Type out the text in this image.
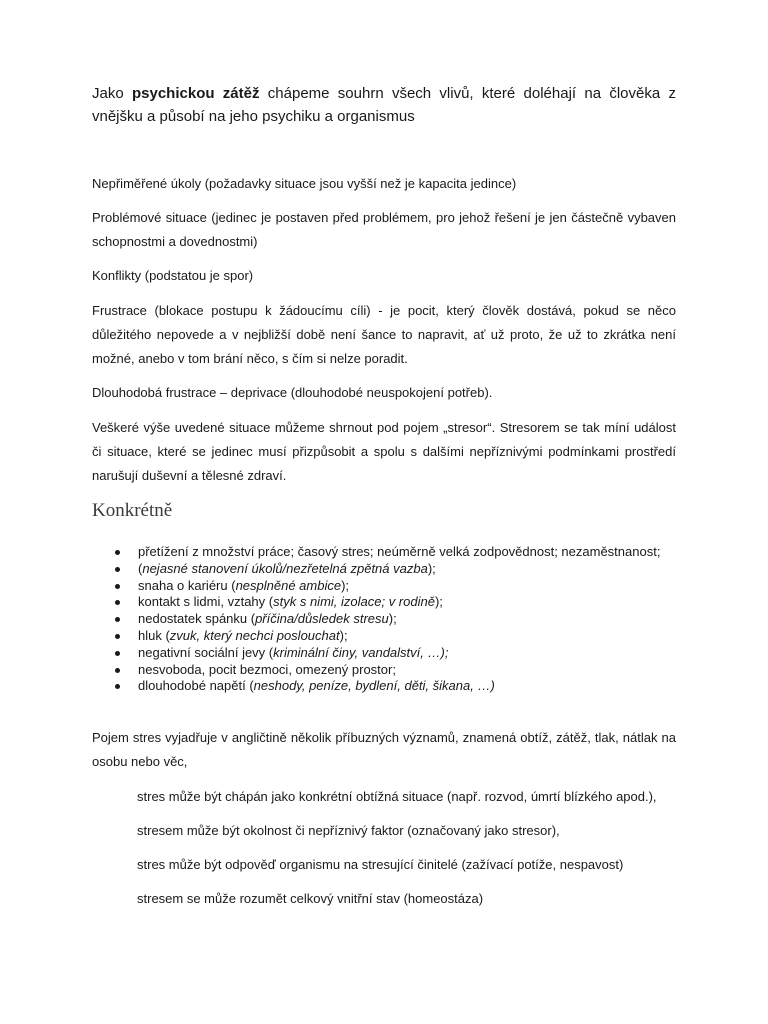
Jako psychickou zátěž chápeme souhrn všech vlivů, které doléhají na člověka z vnějšku a působí na jeho psychiku a organismus

Nepřiměřené úkoly (požadavky situace jsou vyšší než je kapacita jedince)

Problémové situace (jedinec je postaven před problémem, pro jehož řešení je jen částečně vybaven schopnostmi a dovednostmi)

Konflikty (podstatou je spor)

Frustrace (blokace postupu k žádoucímu cíli) - je pocit, který člověk dostává, pokud se něco důležitého nepovede a v nejbližší době není šance to napravit, ať už proto, že už to zkrátka není možné, anebo v tom brání něco, s čím si nelze poradit.

Dlouhodobá frustrace – deprivace (dlouhodobé neuspokojení potřeb).

Veškeré výše uvedené situace můžeme shrnout pod pojem „stresor“. Stresorem se tak míní událost či situace, které se jedinec musí přizpůsobit a spolu s dalšími nepříznivými podmínkami prostředí narušují duševní a tělesné zdraví.

Konkrétně
přetížení z množství práce; časový stres; neúměrně velká zodpovědnost; nezaměstnanost;
(nejasné stanovení úkolů/nezřetelná zpětná vazba);
snaha o kariéru (nesplněné ambice);
kontakt s lidmi, vztahy (styk s nimi, izolace; v rodině);
nedostatek spánku (příčina/důsledek stresu);
hluk (zvuk, který nechci poslouchat);
negativní sociální jevy (kriminální činy, vandalství, …);
nesvoboda, pocit bezmoci, omezený prostor;
dlouhodobé napětí (neshody, peníze, bydlení, děti, šikana, …)

Pojem stres vyjadřuje v angličtině několik příbuzných významů, znamená obtíž, zátěž, tlak, nátlak na osobu nebo věc,

stres může být chápán jako konkrétní obtížná situace (např. rozvod, úmrtí blízkého apod.),

stresem může být okolnost či nepříznivý faktor (označovaný jako stresor),

stres může být odpověď organismu na stresující činitelé (zažívací potíže, nespavost)

stresem se může rozumět celkový vnitřní stav (homeostáza)
